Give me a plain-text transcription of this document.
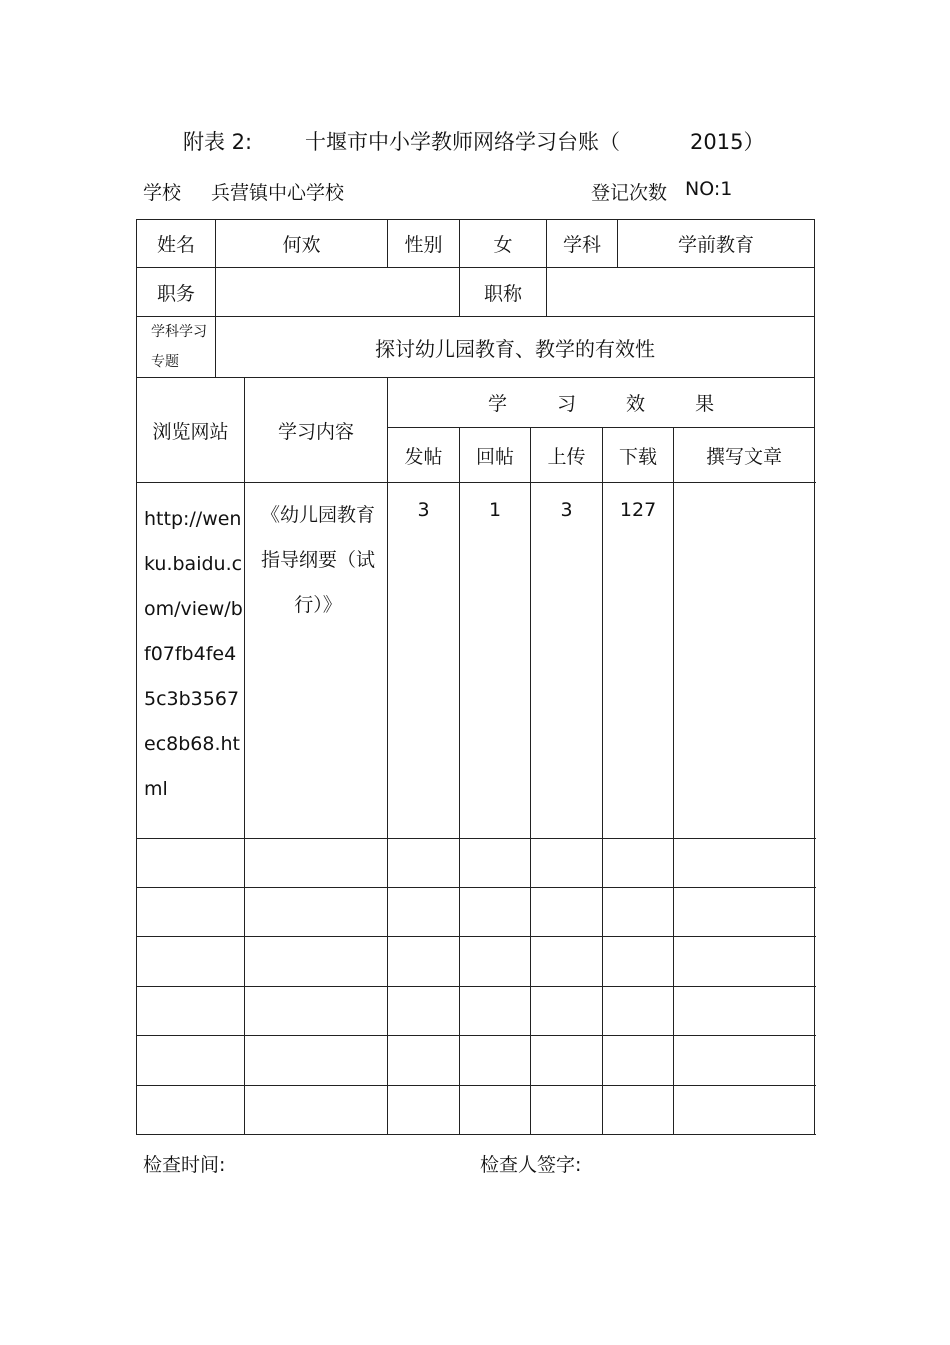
附表 2:	十堰市中小学教师网络学习台账（	2015）
学校 兵营镇中心学校	登记次数 NO:1
姓名	何欢		性别	女		学科		学前教育	
职务				职称					
学科学习专题	探讨幼儿园教育、教学的有效性								
浏览网站		学习内容	学 习 效 果						
			发帖	回帖	上传		下载		撰写文章
http://wenku.baidu.com/view/bf07fb4fe45c3b3567ec8b68.html		《幼儿园教育指导纲要（试行）》	3	1	3		127		

检查时间:	检查人签字:
